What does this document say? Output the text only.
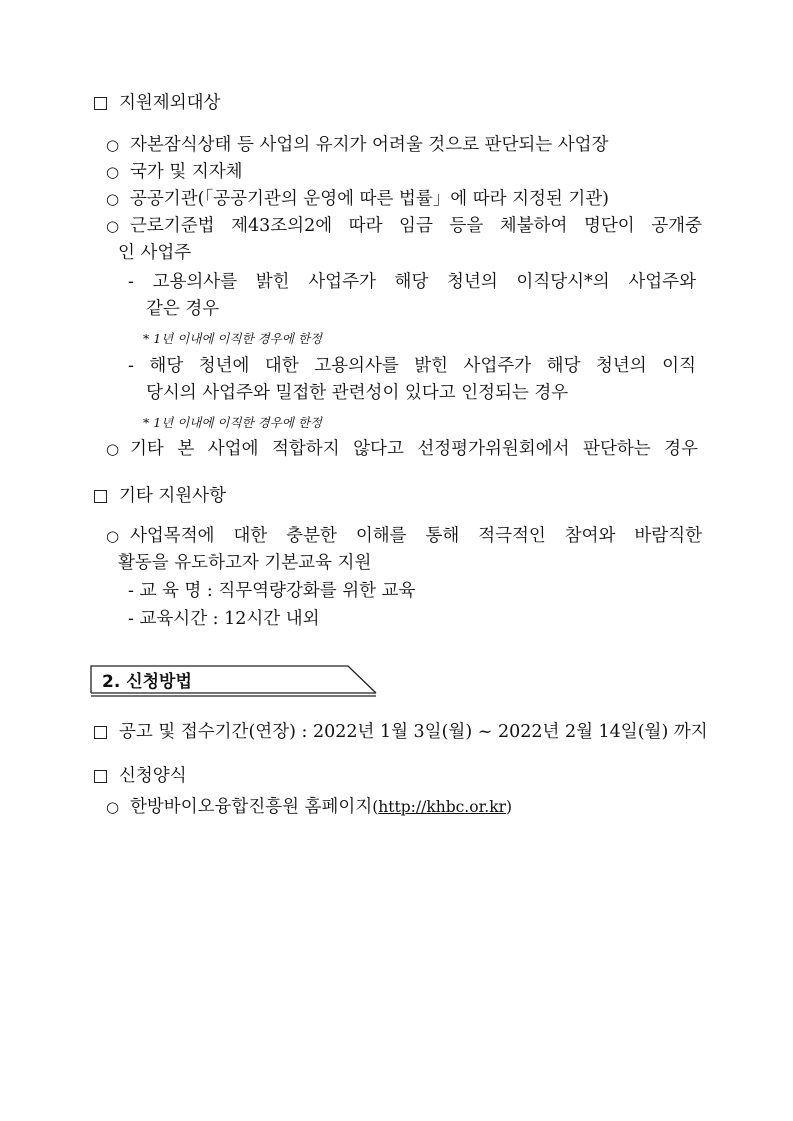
지원제외대상
○ 자본잠식상태 등 사업의 유지가 어려울 것으로 판단되는 사업장
○ 국가 및 지자체
○ 공공기관(「공공기관의 운영에 따른 법률」에 따라 지정된 기관)
○ 근로기준법 제43조의2에 따라 임금 등을 체불하여 명단이 공개중
인 사업주
- 고용의사를 밝힌 사업주가 해당 청년의 이직당시*의 사업주와
같은 경우
* 1년 이내에 이직한 경우에 한정
- 해당 청년에 대한 고용의사를 밝힌 사업주가 해당 청년의 이직
당시의 사업주와 밀접한 관련성이 있다고 인정되는 경우
* 1년 이내에 이직한 경우에 한정
○ 기타 본 사업에 적합하지 않다고 선정평가위원회에서 판단하는 경우
기타 지원사항
○ 사업목적에 대한 충분한 이해를 통해 적극적인 참여와 바람직한
활동을 유도하고자 기본교육 지원
- 교 육 명 : 직무역량강화를 위한 교육
- 교육시간 : 12시간 내외
2. 신청방법
공고 및 접수기간(연장) : 2022년 1월 3일(월) ~ 2022년 2월 14일(월) 까지
신청양식
○ 한방바이오융합진흥원 홈페이지(http://khbc.or.kr)
